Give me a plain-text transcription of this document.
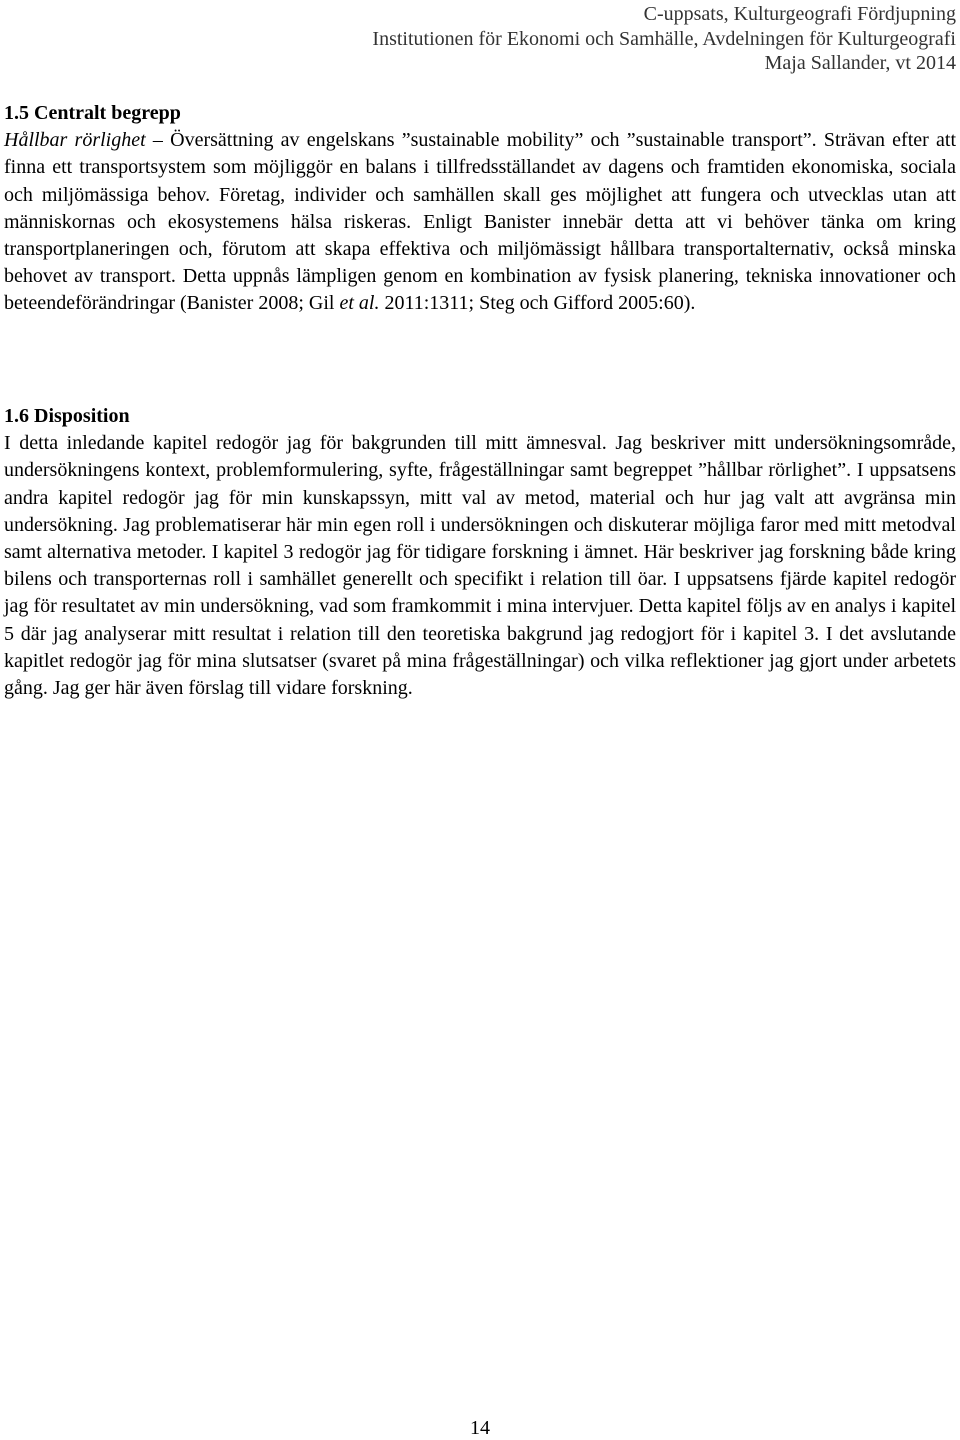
C-uppsats, Kulturgeografi Fördjupning
Institutionen för Ekonomi och Samhälle, Avdelningen för Kulturgeografi
Maja Sallander, vt 2014
1.5 Centralt begrepp

Hållbar rörlighet – Översättning av engelskans ”sustainable mobility” och ”sustainable transport”. Strävan efter att finna ett transportsystem som möjliggör en balans i tillfredsställandet av dagens och framtiden ekonomiska, sociala och miljömässiga behov. Företag, individer och samhällen skall ges möjlighet att fungera och utvecklas utan att människornas och ekosystemens hälsa riskeras. Enligt Banister innebär detta att vi behöver tänka om kring transportplaneringen och, förutom att skapa effektiva och miljömässigt hållbara transportalternativ, också minska behovet av transport. Detta uppnås lämpligen genom en kombination av fysisk planering, tekniska innovationer och beteendeförändringar (Banister 2008; Gil et al. 2011:1311; Steg och Gifford 2005:60).

1.6 Disposition

I detta inledande kapitel redogör jag för bakgrunden till mitt ämnesval. Jag beskriver mitt undersökningsområde, undersökningens kontext, problemformulering, syfte, frågeställningar samt begreppet ”hållbar rörlighet”. I uppsatsens andra kapitel redogör jag för min kunskapssyn, mitt val av metod, material och hur jag valt att avgränsa min undersökning. Jag problematiserar här min egen roll i undersökningen och diskuterar möjliga faror med mitt metodval samt alternativa metoder. I kapitel 3 redogör jag för tidigare forskning i ämnet. Här beskriver jag forskning både kring bilens och transporternas roll i samhället generellt och specifikt i relation till öar. I uppsatsens fjärde kapitel redogör jag för resultatet av min undersökning, vad som framkommit i mina intervjuer. Detta kapitel följs av en analys i kapitel 5 där jag analyserar mitt resultat i relation till den teoretiska bakgrund jag redogjort för i kapitel 3. I det avslutande kapitlet redogör jag för mina slutsatser (svaret på mina frågeställningar) och vilka reflektioner jag gjort under arbetets gång. Jag ger här även förslag till vidare forskning.

14
